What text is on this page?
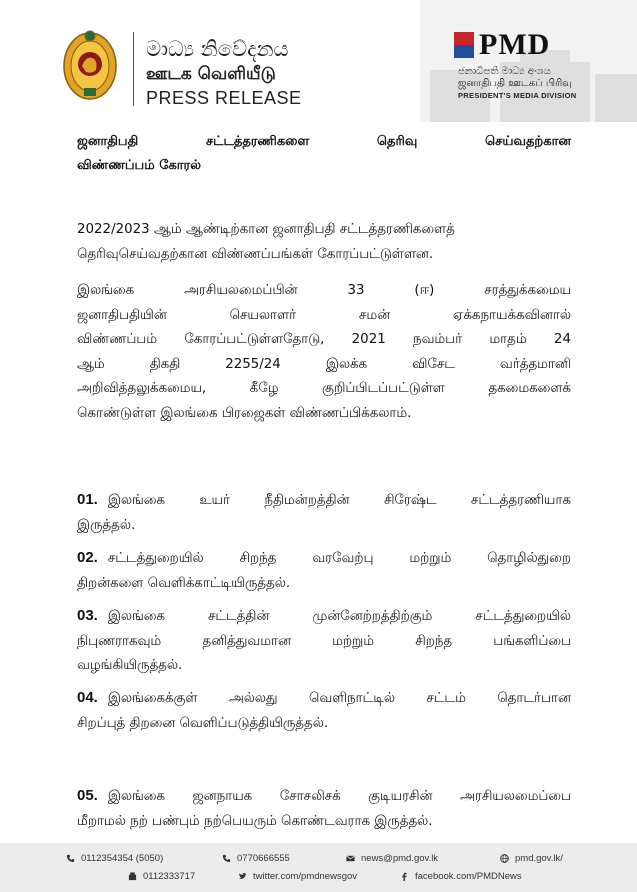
මාධ්‍ය නිවේදනය
ஊடக வெளியீடு
PRESS RELEASE
PMD
ජනාධිපති මාධ්‍ය අංශය
ஜனாதிபதி ஊடகப் பிரிவு
PRESIDENT'S MEDIA DIVISION
ஜனாதிபதி	சட்டத்தரணிகளை	தெரிவு	செய்வதற்கான
விண்ணப்பம் கோரல்
2022/2023 ஆம் ஆண்டிற்கான ஜனாதிபதி சட்டத்தரணிகளைத்
தெரிவுசெய்வதற்கான விண்ணப்பங்கள் கோரப்பட்டுள்ளன.
இலங்கை	அரசியலமைப்பின்	33	(ஈ)	சரத்துக்கமைய
ஜனாதிபதியின்	செயலாளர்	சமன்	ஏக்கநாயக்கவினால்
விண்ணப்பம் கோரப்பட்டுள்ளதோடு, 2021 நவம்பர் மாதம் 24
ஆம்	திகதி	2255/24	இலக்க	விசேட	வர்த்தமானி
அறிவித்தலுக்கமைய,	கீழே	குறிப்பிடப்பட்டுள்ள	தகமைகளைக்
கொண்டுள்ள இலங்கை பிரஜைகள் விண்ணப்பிக்கலாம்.
01. இலங்கை	உயர்	நீதிமன்றத்தின்	சிரேஷ்ட	சட்டத்தரணியாக
இருத்தல்.
02. சட்டத்துறையில்	சிறந்த	வரவேற்பு	மற்றும்	தொழில்துறை
திறன்களை வெளிக்காட்டியிருத்தல்.
03. இலங்கை	சட்டத்தின்	முன்னேற்றத்திற்கும்	சட்டத்துறையில்
நிபுணராகவும்	தனித்துவமான	மற்றும்	சிறந்த	பங்களிப்பை
வழங்கியிருத்தல்.
04. இலங்கைக்குள் அல்லது வெளிநாட்டில் சட்டம் தொடர்பான
சிறப்புத் திறனை வெளிப்படுத்தியிருத்தல்.
05. இலங்கை ஜனநாயக சோசலிசக் குடியரசின் அரசியலமைப்பை
மீறாமல் நற் பண்பும் நற்பெயரும் கொண்டவராக இருத்தல்.
0112354354 (5050)	0770666555	news@pmd.gov.lk	pmd.gov.lk/
0112333717	twitter.com/pmdnewsgov	facebook.com/PMDNews
